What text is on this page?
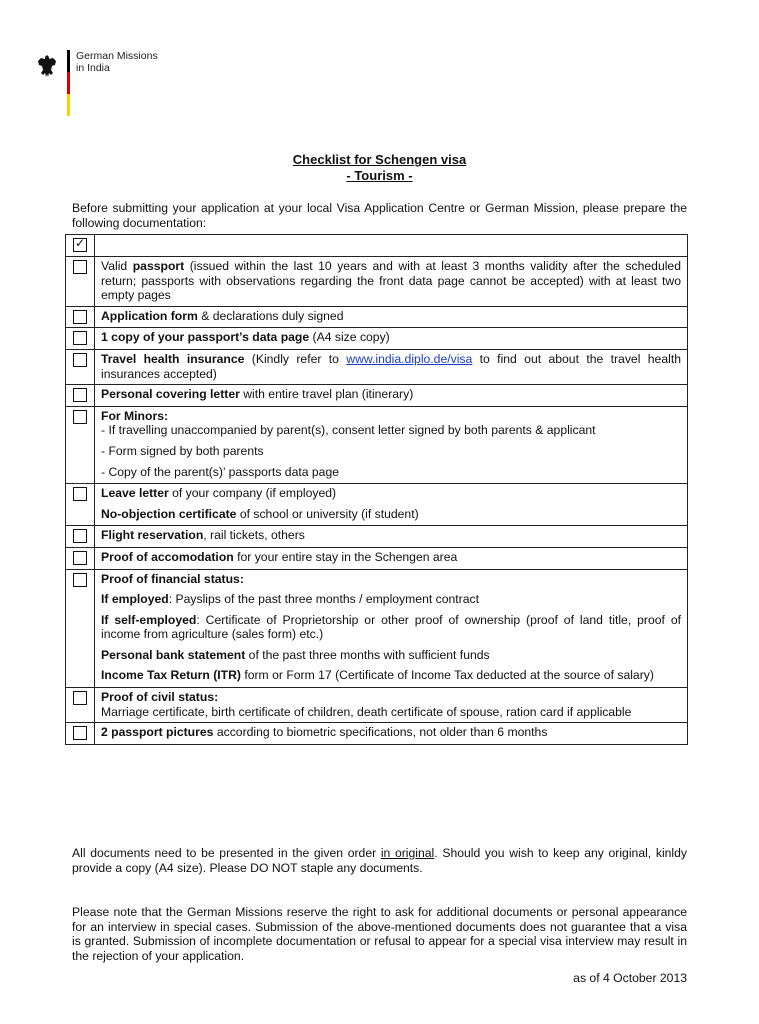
German Missions
in India
Checklist for Schengen visa
- Tourism -
Before submitting your application at your local Visa Application Centre or German Mission, please prepare the following documentation:
✓	
	Valid passport (issued within the last 10 years and with at least 3 months validity after the scheduled return; passports with observations regarding the front data page cannot be accepted) with at least two empty pages
	Application form & declarations duly signed
	1 copy of your passport’s data page (A4 size copy)
	Travel health insurance (Kindly refer to www.india.diplo.de/visa to find out about the travel health insurances accepted)
	Personal covering letter with entire travel plan (itinerary)

	For Minors:
- If travelling unaccompanied by parent(s), consent letter signed by both parents & applicant
- Form signed by both parents
- Copy of the parent(s)’ passports data page

	Leave letter of your company (if employed)
No-objection certificate of school or university (if student)

	Flight reservation, rail tickets, others
	Proof of accomodation for your entire stay in the Schengen area

	Proof of financial status:
If employed: Payslips of the past three months / employment contract
If self-employed: Certificate of Proprietorship or other proof of ownership (proof of land title, proof of income from agriculture (sales form) etc.)
Personal bank statement of the past three months with sufficient funds
Income Tax Return (ITR) form or Form 17 (Certificate of Income Tax deducted at the source of salary)

	Proof of civil status:
Marriage certificate, birth certificate of children, death certificate of spouse, ration card if applicable

	2 passport pictures according to biometric specifications, not older than 6 months
All documents need to be presented in the given order in original. Should you wish to keep any original, kinldy provide a copy (A4 size). Please DO NOT staple any documents.
Please note that the German Missions reserve the right to ask for additional documents or personal appearance for an interview in special cases. Submission of the above-mentioned documents does not guarantee that a visa is granted. Submission of incomplete documentation or refusal to appear for a special visa interview may result in the rejection of your application.
as of 4 October 2013
